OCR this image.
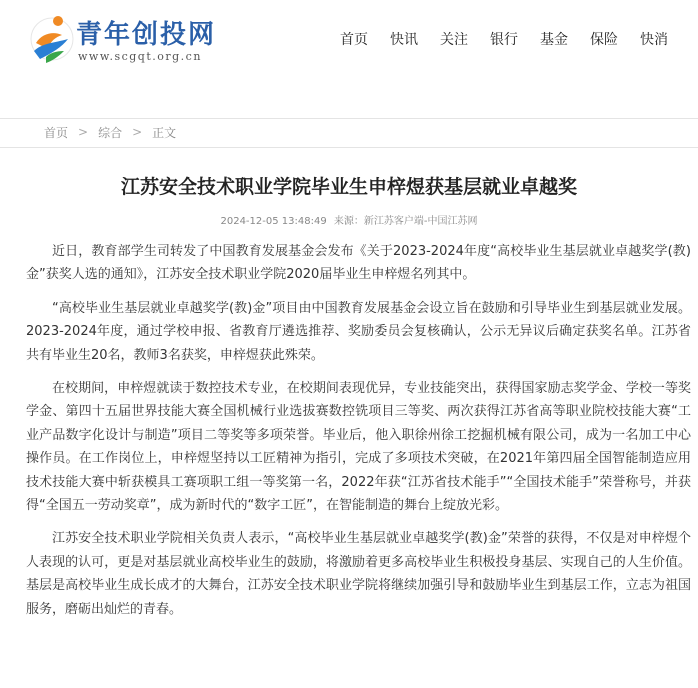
青年创投网
www.scgqt.org.cn
首页 快讯 关注 银行 基金 保险 快消
首页 > 综合 > 正文
江苏安全技术职业学院毕业生申梓煜获基层就业卓越奖
2024-12-05 13:48:49 来源：新江苏客户端-中国江苏网

近日，教育部学生司转发了中国教育发展基金会发布《关于2023-2024年度“高校毕业生基层就业卓越奖学(教)金”获奖人选的通知》，江苏安全技术职业学院2020届毕业生申梓煜名列其中。

“高校毕业生基层就业卓越奖学(教)金”项目由中国教育发展基金会设立旨在鼓励和引导毕业生到基层就业发展。2023-2024年度，通过学校申报、省教育厅遴选推荐、奖励委员会复核确认，公示无异议后确定获奖名单。江苏省共有毕业生20名，教师3名获奖，申梓煜获此殊荣。

在校期间，申梓煜就读于数控技术专业，在校期间表现优异，专业技能突出，获得国家励志奖学金、学校一等奖学金、第四十五届世界技能大赛全国机械行业选拔赛数控铣项目三等奖、两次获得江苏省高等职业院校技能大赛“工业产品数字化设计与制造”项目二等奖等多项荣誉。毕业后，他入职徐州徐工挖掘机械有限公司，成为一名加工中心操作员。在工作岗位上，申梓煜坚持以工匠精神为指引，完成了多项技术突破，在2021年第四届全国智能制造应用技术技能大赛中斩获模具工赛项职工组一等奖第一名，2022年获“江苏省技术能手”“全国技术能手”荣誉称号，并获得“全国五一劳动奖章”，成为新时代的“数字工匠”，在智能制造的舞台上绽放光彩。

江苏安全技术职业学院相关负责人表示，“高校毕业生基层就业卓越奖学(教)金”荣誉的获得，不仅是对申梓煜个人表现的认可，更是对基层就业高校毕业生的鼓励，将激励着更多高校毕业生积极投身基层、实现自己的人生价值。基层是高校毕业生成长成才的大舞台，江苏安全技术职业学院将继续加强引导和鼓励毕业生到基层工作，立志为祖国服务，磨砺出灿烂的青春。
